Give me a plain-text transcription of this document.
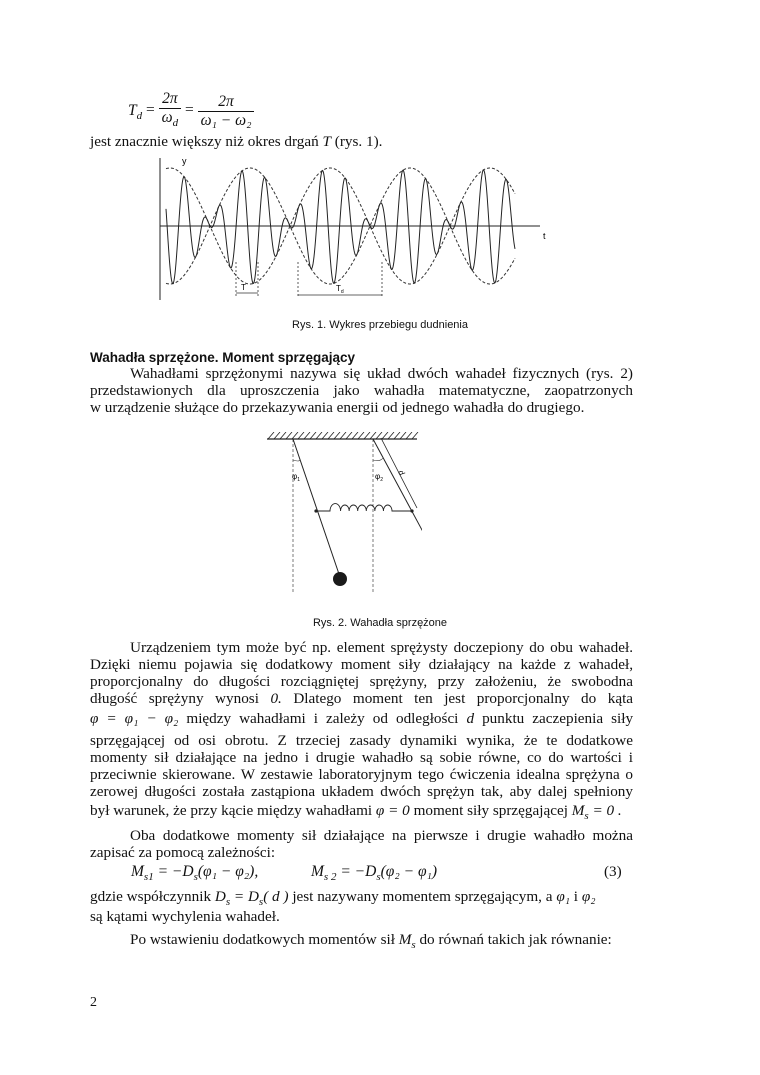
$T_d = \frac{2\pi}{\omega_d} = \frac{2\pi}{\text{ω₁ − ω₂}}$
jest znacznie większy niż okres drgań T (rys. 1).
y
t
T	$T_d$
Rys. 1. Wykres przebiegu dudnienia
Wahadła sprzężone. Moment sprzęgający
Wahadłami sprzężonymi nazywa się układ dwóch wahadeł fizycznych (rys. 2)
przedstawionych dla uproszczenia jako wahadła matematyczne, zaopatrzonych
w urządzenie służące do przekazywania energii od jednego wahadła do drugiego.
$\varphi_1$	$\varphi_2$
d
Rys. 2. Wahadła sprzężone
Urządzeniem tym może być np. element sprężysty doczepiony do obu wahadeł.
Dzięki niemu pojawia się dodatkowy moment siły działający na każde z wahadeł,
proporcjonalny do długości rozciągniętej sprężyny, przy założeniu, że swobodna
długość sprężyny wynosi 0. Dlatego moment ten jest proporcjonalny do kąta
φ = φ₁ − φ₂ między wahadłami i zależy od odległości d punktu zaczepienia siły
sprzęgającej od osi obrotu. Z trzeciej zasady dynamiki wynika, że te dodatkowe
momenty sił działające na jedno i drugie wahadło są sobie równe, co do wartości i
przeciwnie skierowane. W zestawie laboratoryjnym tego ćwiczenia idealna sprężyna o
zerowej długości została zastąpiona układem dwóch sprężyn tak, aby dalej spełniony
był warunek, że przy kącie między wahadłami φ = 0 moment siły sprzęgającej $M_s = 0$ .
Oba dodatkowe momenty sił działające na pierwsze i drugie wahadło można
zapisać za pomocą zależności:
$M_{s1} = -D_s(\varphi_1 - \varphi_2)$,	$M_{s 2} = -D_s(\varphi_2 - \varphi_1)$	(3)
gdzie współczynnik $D_s = D_s$( d ) jest nazywany momentem sprzęgającym, a φ₁ i φ₂
są kątami wychylenia wahadeł.
Po wstawieniu dodatkowych momentów sił $M_s$ do równań takich jak równanie:
2
